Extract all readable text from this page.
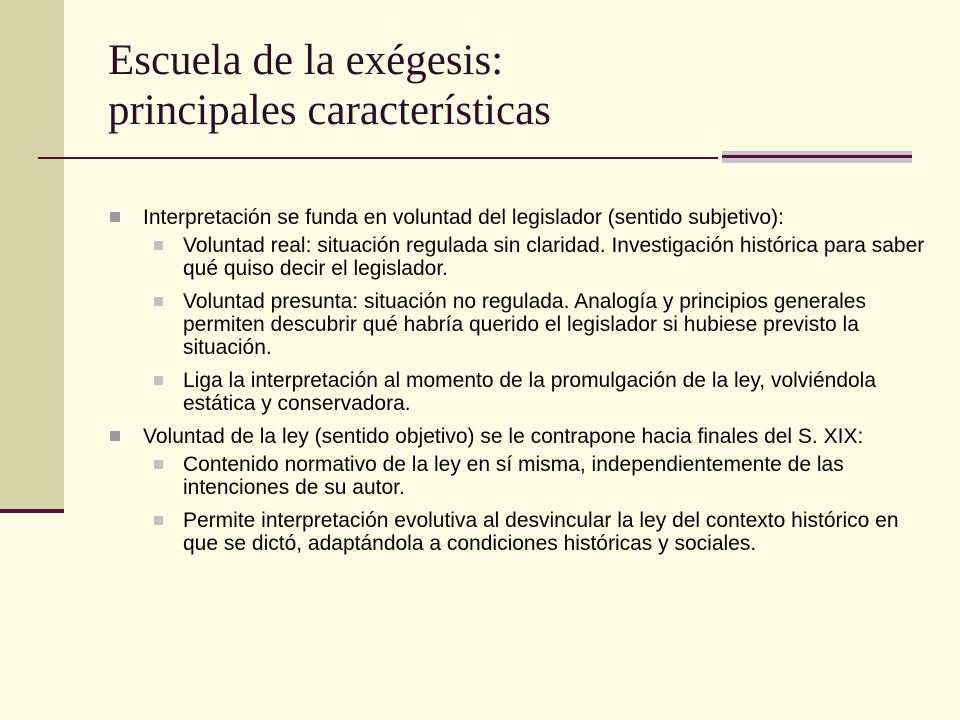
Escuela de la exégesis:
principales características
Interpretación se funda en voluntad del legislador (sentido subjetivo):
Voluntad real: situación regulada sin claridad. Investigación histórica para saber qué quiso decir el legislador.
Voluntad presunta: situación no regulada. Analogía y principios generales permiten descubrir qué habría querido el legislador si hubiese previsto la situación.
Liga la interpretación al momento de la promulgación de la ley, volviéndola estática y conservadora.
Voluntad de la ley (sentido objetivo) se le contrapone hacia finales del S. XIX:
Contenido normativo de la ley en sí misma, independientemente de las intenciones de su autor.
Permite interpretación evolutiva al desvincular la ley del contexto histórico en que se dictó, adaptándola a condiciones históricas y sociales.
